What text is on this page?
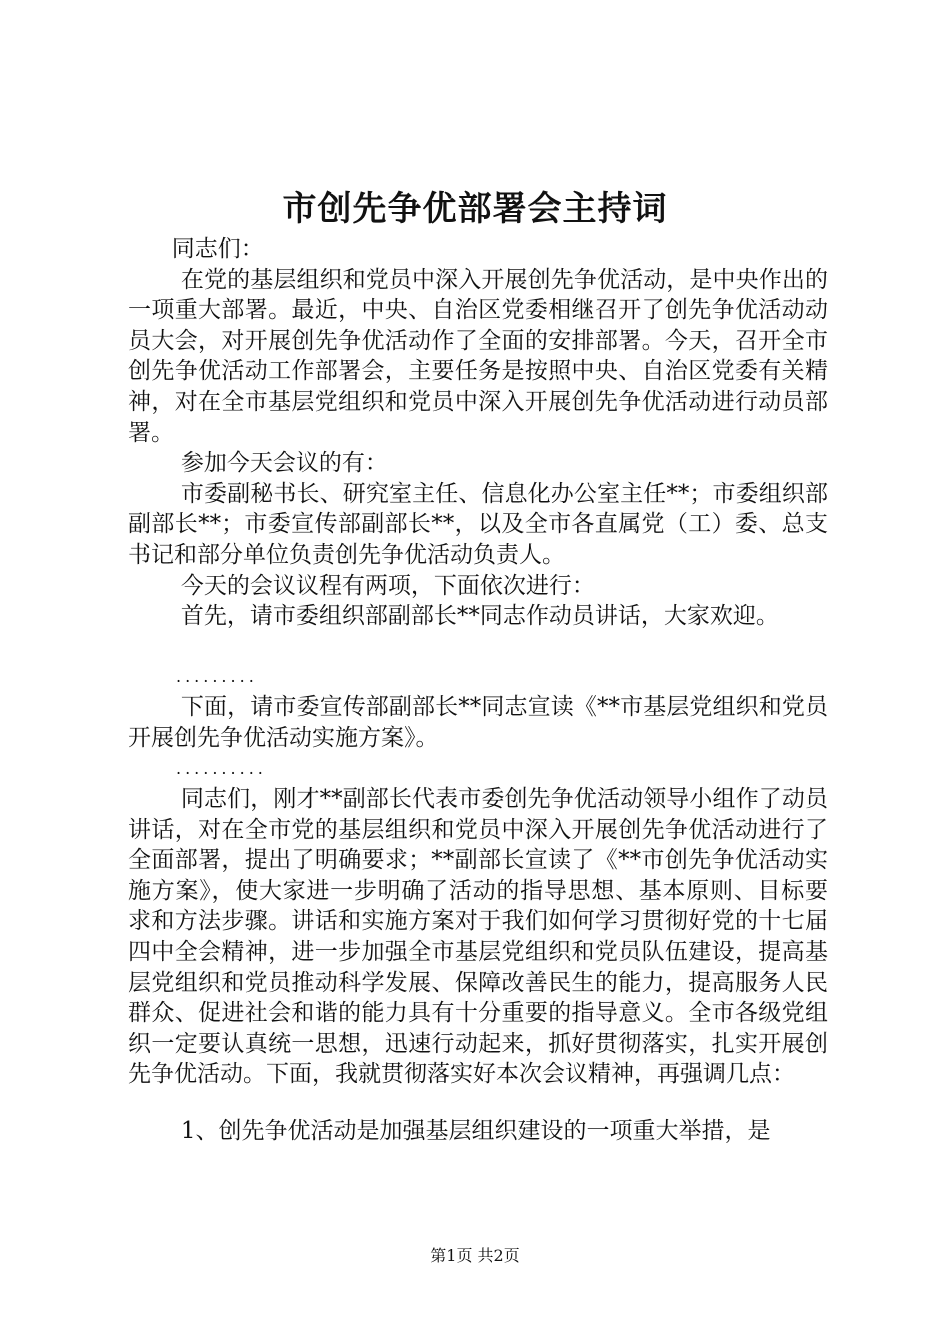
市创先争优部署会主持词

同志们：

在党的基层组织和党员中深入开展创先争优活动，是中央作出的一项重大部署。最近，中央、自治区党委相继召开了创先争优活动动员大会，对开展创先争优活动作了全面的安排部署。今天，召开全市创先争优活动工作部署会，主要任务是按照中央、自治区党委有关精神，对在全市基层党组织和党员中深入开展创先争优活动进行动员部署。

参加今天会议的有：

市委副秘书长、研究室主任、信息化办公室主任**；市委组织部副部长**；市委宣传部副部长**，以及全市各直属党（工）委、总支书记和部分单位负责创先争优活动负责人。

今天的会议议程有两项，下面依次进行：

首先，请市委组织部副部长**同志作动员讲话，大家欢迎。

.........

下面，请市委宣传部副部长**同志宣读《**市基层党组织和党员开展创先争优活动实施方案》。

..........

同志们，刚才**副部长代表市委创先争优活动领导小组作了动员讲话，对在全市党的基层组织和党员中深入开展创先争优活动进行了全面部署，提出了明确要求；**副部长宣读了《**市创先争优活动实施方案》，使大家进一步明确了活动的指导思想、基本原则、目标要求和方法步骤。讲话和实施方案对于我们如何学习贯彻好党的十七届四中全会精神，进一步加强全市基层党组织和党员队伍建设，提高基层党组织和党员推动科学发展、保障改善民生的能力，提高服务人民群众、促进社会和谐的能力具有十分重要的指导意义。全市各级党组织一定要认真统一思想，迅速行动起来，抓好贯彻落实，扎实开展创先争优活动。下面，我就贯彻落实好本次会议精神，再强调几点：

1、创先争优活动是加强基层组织建设的一项重大举措，是

第1页 共2页
